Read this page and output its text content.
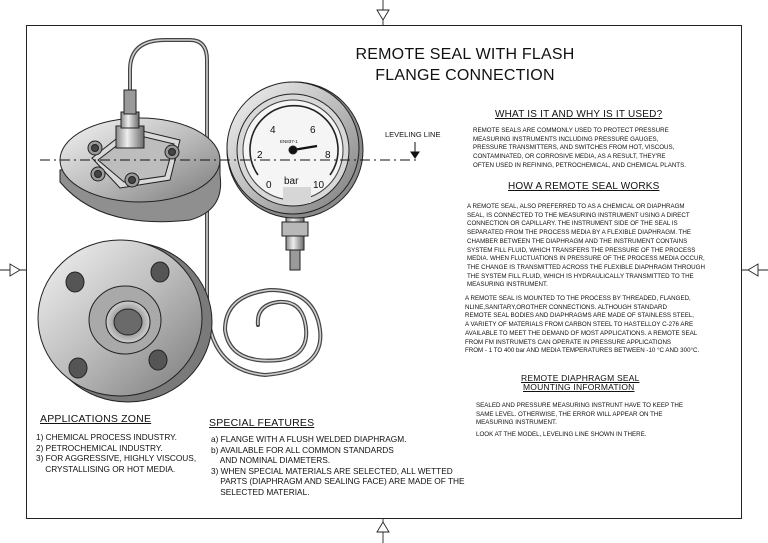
0
2
4	6
8
10
bar
EN837-1
LEVELING LINE
REMOTE SEAL WITH FLASH
FLANGE CONNECTION
WHAT IS IT AND WHY IS IT USED?
REMOTE SEALS ARE COMMONLY USED TO PROTECT PRESSURE
MEASURING INSTRUMENTS INCLUDING PRESSURE GAUGES,
PRESSURE TRANSMITTERS, AND SWITCHES FROM HOT, VISCOUS,
CONTAMINATED, OR CORROSIVE MEDIA, AS A RESULT, THEY'RE
OFTEN USED IN REFINING, PETROCHEMICAL, AND CHEMICAL PLANTS.
HOW A REMOTE SEAL WORKS
A REMOTE SEAL, ALSO PREFERRED TO AS A CHEMICAL OR DIAPHRAGM
SEAL, IS CONNECTED TO THE MEASURING INSTRUMENT USING A DIRECT
CONNECTION OR CAPILLARY. THE INSTRUMENT SIDE OF THE SEAL IS
SEPARATED FROM THE PROCESS MEDIA BY A FLEXIBLE DIAPHRAGM. THE
CHAMBER BETWEEN THE DIAPHRAGM AND THE INSTRUMENT CONTAINS
SYSTEM FILL FLUID, WHICH TRANSFERS THE PRESSURE OF THE PROCESS
MEDIA. WHEN FLUCTUATIONS IN PRESSURE OF THE PROCESS MEDIA OCCUR,
THE CHANGE IS TRANSMITTED ACROSS THE FLEXIBLE DIAPHRAGM THROUGH
THE SYSTEM FILL FLUID, WHICH IS HYDRAULICALLY TRANSMITTED TO THE
MEASURING INSTRUMENT.
A REMOTE SEAL IS MOUNTED TO THE PROCESS BY THREADED, FLANGED,
NLINE,SANITARY,OROTHER CONNECTIONS. ALTHOUGH STANDARD
REMOTE SEAL BODIES AND DIAPHRAGMS ARE MADE OF STAINLESS STEEL,
A VARIETY OF MATERIALS FROM CARBON STEEL TO HASTELLOY C-276 ARE
AVAILABLE TO MEET THE DEMAND OF MOST APPLICATIONS. A REMOTE SEAL
FROM FM INSTRUMETS CAN OPERATE IN PRESSURE APPLICATIONS
FROM - 1 TO 400 bar AND MEDIA TEMPERATURES BETWEEN -10 °C AND 300°C.
REMOTE DIAPHRAGM SEAL
MOUNTING INFORMATION
SEALED AND PRESSURE MEASURING INSTRUNT HAVE TO KEEP THE
SAME LEVEL. OTHERWISE, THE ERROR WILL APPEAR ON THE
MEASURING INSTRUMENT.
LOOK AT THE MODEL, LEVELING LINE SHOWN IN THERE.
APPLICATIONS ZONE
1) CHEMICAL PROCESS INDUSTRY.
2) PETROCHEMICAL INDUSTRY.
3) FOR AGGRESSIVE, HIGHLY VISCOUS,
CRYSTALLISING OR HOT MEDIA.
SPECIAL FEATURES
a) FLANGE WITH A FLUSH WELDED DIAPHRAGM.
b) AVAILABLE FOR ALL COMMON STANDARDS
AND NOMINAL DIAMETERS.
3) WHEN SPECIAL MATERIALS ARE SELECTED, ALL WETTED
PARTS (DIAPHRAGM AND SEALING FACE) ARE MADE OF THE
SELECTED MATERIAL.
